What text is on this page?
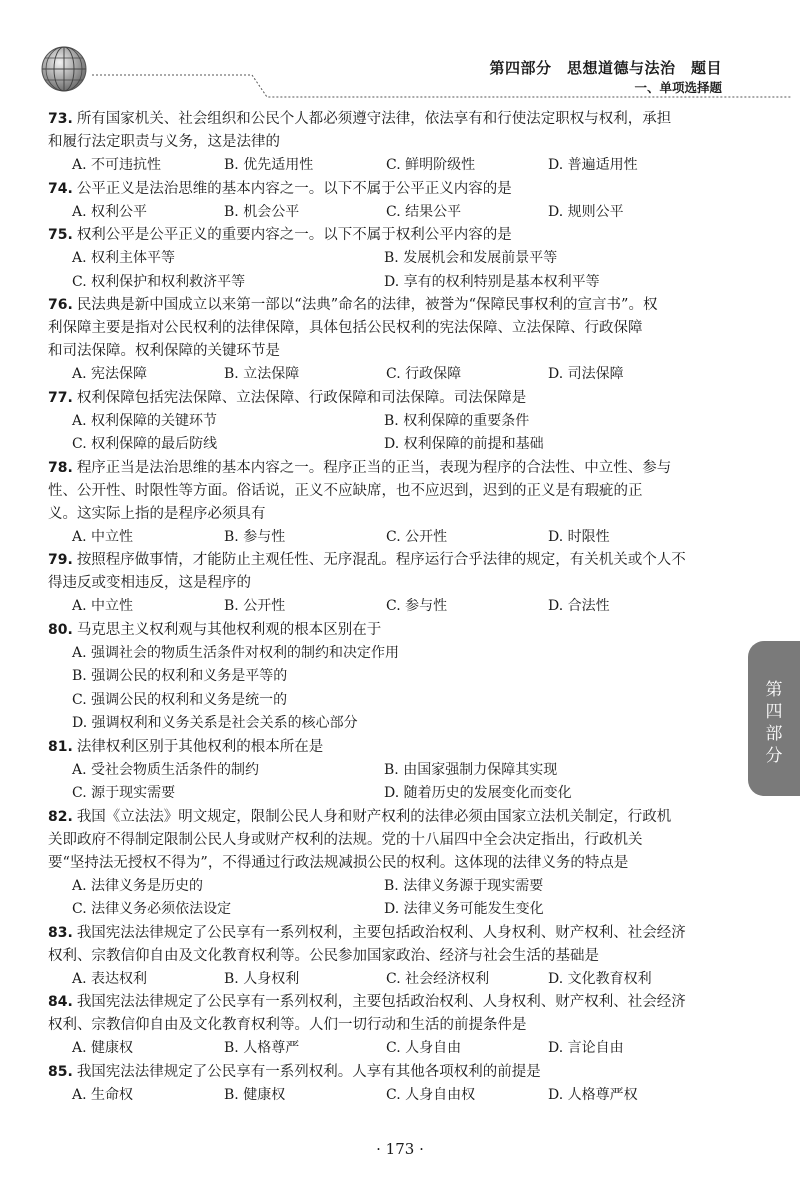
第四部分　思想道德与法治　题目
一、单项选择题
73. 所有国家机关、社会组织和公民个人都必须遵守法律，依法享有和行使法定职权与权利，承担
和履行法定职责与义务，这是法律的
A. 不可违抗性	B. 优先适用性	C. 鲜明阶级性	D. 普遍适用性
74. 公平正义是法治思维的基本内容之一。以下不属于公平正义内容的是
A. 权利公平	B. 机会公平	C. 结果公平	D. 规则公平
75. 权利公平是公平正义的重要内容之一。以下不属于权利公平内容的是
A. 权利主体平等	B. 发展机会和发展前景平等
C. 权利保护和权利救济平等	D. 享有的权利特别是基本权利平等
76. 民法典是新中国成立以来第一部以“法典”命名的法律，被誉为“保障民事权利的宣言书”。权
利保障主要是指对公民权利的法律保障，具体包括公民权利的宪法保障、立法保障、行政保障
和司法保障。权利保障的关键环节是
A. 宪法保障	B. 立法保障	C. 行政保障	D. 司法保障
77. 权利保障包括宪法保障、立法保障、行政保障和司法保障。司法保障是
A. 权利保障的关键环节	B. 权利保障的重要条件
C. 权利保障的最后防线	D. 权利保障的前提和基础
78. 程序正当是法治思维的基本内容之一。程序正当的正当，表现为程序的合法性、中立性、参与
性、公开性、时限性等方面。俗话说，正义不应缺席，也不应迟到，迟到的正义是有瑕疵的正
义。这实际上指的是程序必须具有
A. 中立性	B. 参与性	C. 公开性	D. 时限性
79. 按照程序做事情，才能防止主观任性、无序混乱。程序运行合乎法律的规定，有关机关或个人不
得违反或变相违反，这是程序的
A. 中立性	B. 公开性	C. 参与性	D. 合法性
80. 马克思主义权利观与其他权利观的根本区别在于
A. 强调社会的物质生活条件对权利的制约和决定作用
B. 强调公民的权利和义务是平等的
C. 强调公民的权利和义务是统一的
D. 强调权利和义务关系是社会关系的核心部分
81. 法律权利区别于其他权利的根本所在是
A. 受社会物质生活条件的制约	B. 由国家强制力保障其实现
C. 源于现实需要	D. 随着历史的发展变化而变化
82. 我国《立法法》明文规定，限制公民人身和财产权利的法律必须由国家立法机关制定，行政机
关即政府不得制定限制公民人身或财产权利的法规。党的十八届四中全会决定指出，行政机关
要“坚持法无授权不得为”，不得通过行政法规减损公民的权利。这体现的法律义务的特点是
A. 法律义务是历史的	B. 法律义务源于现实需要
C. 法律义务必须依法设定	D. 法律义务可能发生变化
83. 我国宪法法律规定了公民享有一系列权利，主要包括政治权利、人身权利、财产权利、社会经济
权利、宗教信仰自由及文化教育权利等。公民参加国家政治、经济与社会生活的基础是
A. 表达权利	B. 人身权利	C. 社会经济权利	D. 文化教育权利
84. 我国宪法法律规定了公民享有一系列权利，主要包括政治权利、人身权利、财产权利、社会经济
权利、宗教信仰自由及文化教育权利等。人们一切行动和生活的前提条件是
A. 健康权	B. 人格尊严	C. 人身自由	D. 言论自由
85. 我国宪法法律规定了公民享有一系列权利。人享有其他各项权利的前提是
A. 生命权	B. 健康权	C. 人身自由权	D. 人格尊严权
第四部分
· 173 ·
